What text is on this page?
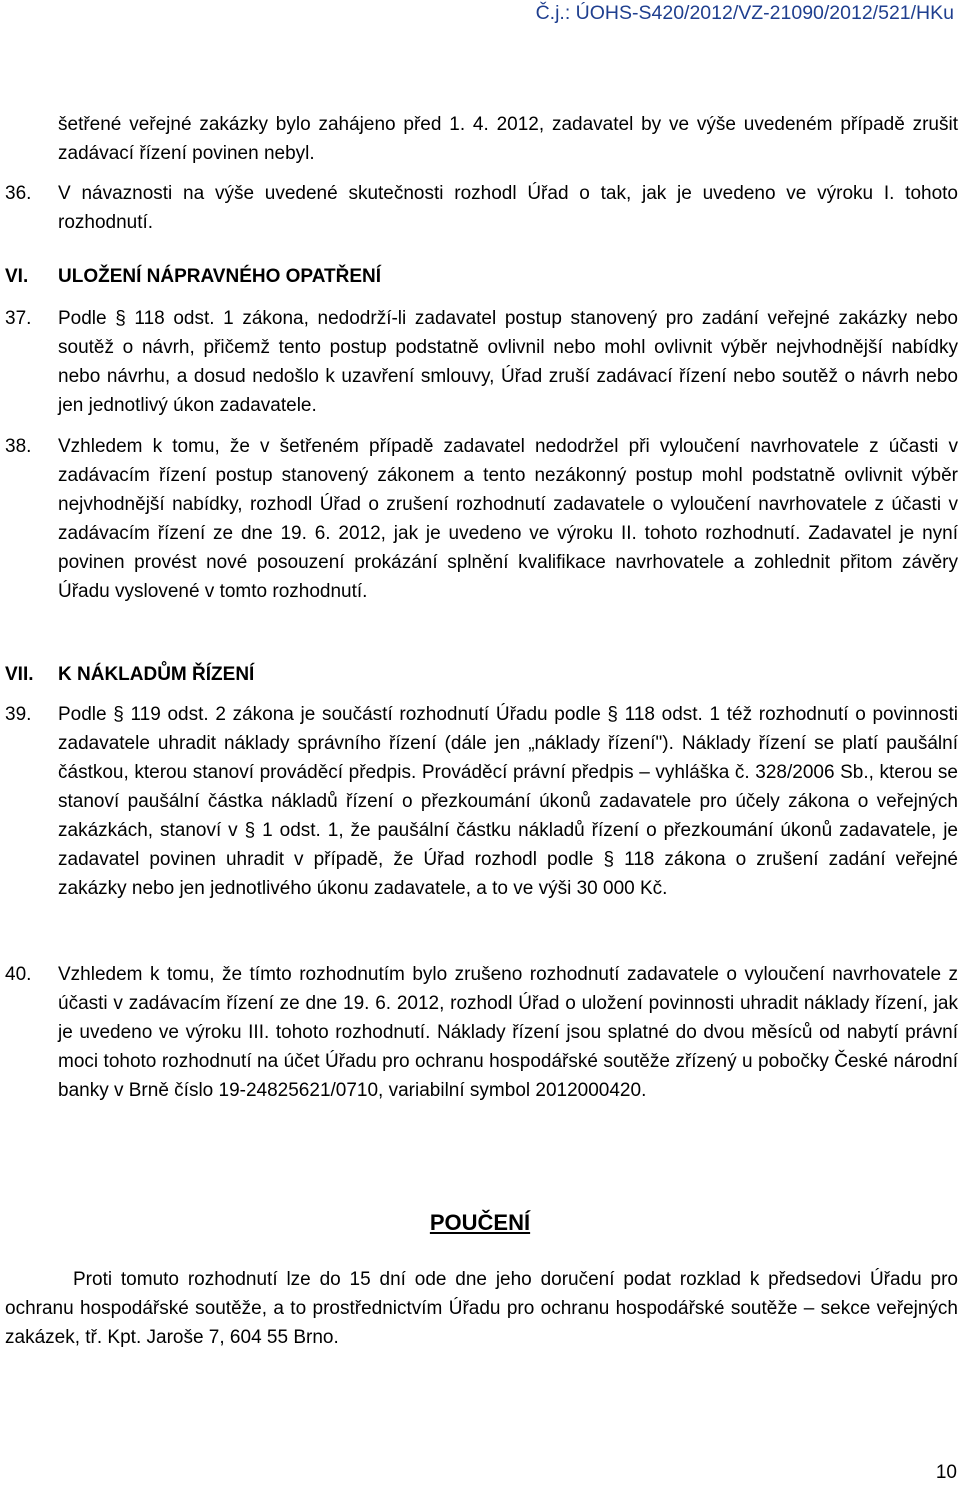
Č.j.: ÚOHS-S420/2012/VZ-21090/2012/521/HKu

šetřené veřejné zakázky bylo zahájeno před 1. 4. 2012, zadavatel by ve výše uvedeném případě zrušit zadávací řízení povinen nebyl.

36. V návaznosti na výše uvedené skutečnosti rozhodl Úřad o tak, jak je uvedeno ve výroku I. tohoto rozhodnutí.

VI. ULOŽENÍ NÁPRAVNÉHO OPATŘENÍ
37. Podle § 118 odst. 1 zákona, nedodrží-li zadavatel postup stanovený pro zadání veřejné zakázky nebo soutěž o návrh, přičemž tento postup podstatně ovlivnil nebo mohl ovlivnit výběr nejvhodnější nabídky nebo návrhu, a dosud nedošlo k uzavření smlouvy, Úřad zruší zadávací řízení nebo soutěž o návrh nebo jen jednotlivý úkon zadavatele.

38. Vzhledem k tomu, že v šetřeném případě zadavatel nedodržel při vyloučení navrhovatele z účasti v zadávacím řízení postup stanovený zákonem a tento nezákonný postup mohl podstatně ovlivnit výběr nejvhodnější nabídky, rozhodl Úřad o zrušení rozhodnutí zadavatele o vyloučení navrhovatele z účasti v zadávacím řízení ze dne 19. 6. 2012, jak je uvedeno ve výroku II. tohoto rozhodnutí. Zadavatel je nyní povinen provést nové posouzení prokázání splnění kvalifikace navrhovatele a zohlednit přitom závěry Úřadu vyslovené v tomto rozhodnutí.

VII. K NÁKLADŮM ŘÍZENÍ
39. Podle § 119 odst. 2 zákona je součástí rozhodnutí Úřadu podle § 118 odst. 1 též rozhodnutí o povinnosti zadavatele uhradit náklady správního řízení (dále jen „náklady řízení"). Náklady řízení se platí paušální částkou, kterou stanoví prováděcí předpis. Prováděcí právní předpis – vyhláška č. 328/2006 Sb., kterou se stanoví paušální částka nákladů řízení o přezkoumání úkonů zadavatele pro účely zákona o veřejných zakázkách, stanoví v § 1 odst. 1, že paušální částku nákladů řízení o přezkoumání úkonů zadavatele, je zadavatel povinen uhradit v případě, že Úřad rozhodl podle § 118 zákona o zrušení zadání veřejné zakázky nebo jen jednotlivého úkonu zadavatele, a to ve výši 30 000 Kč.

40. Vzhledem k tomu, že tímto rozhodnutím bylo zrušeno rozhodnutí zadavatele o vyloučení navrhovatele z účasti v zadávacím řízení ze dne 19. 6. 2012, rozhodl Úřad o uložení povinnosti uhradit náklady řízení, jak je uvedeno ve výroku III. tohoto rozhodnutí. Náklady řízení jsou splatné do dvou měsíců od nabytí právní moci tohoto rozhodnutí na účet Úřadu pro ochranu hospodářské soutěže zřízený u pobočky České národní banky v Brně číslo 19-24825621/0710, variabilní symbol 2012000420.

POUČENÍ

Proti tomuto rozhodnutí lze do 15 dní ode dne jeho doručení podat rozklad k předsedovi Úřadu pro ochranu hospodářské soutěže, a to prostřednictvím Úřadu pro ochranu hospodářské soutěže – sekce veřejných zakázek, tř. Kpt. Jaroše 7, 604 55 Brno.

10
